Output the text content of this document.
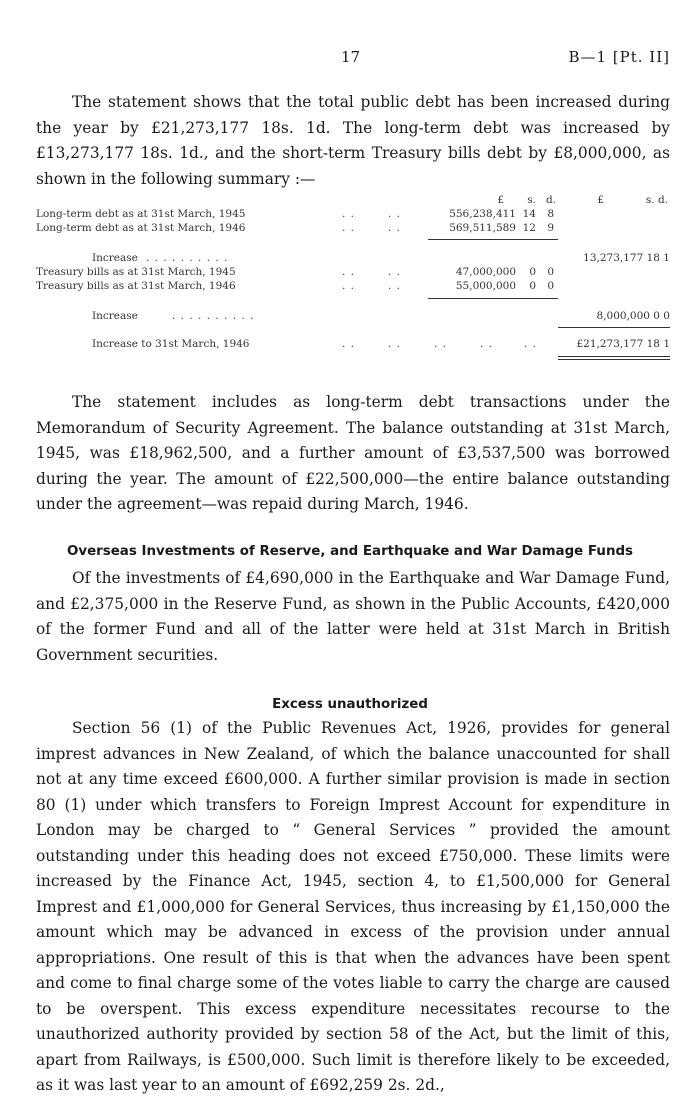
17	B—1 [Pt. II]

The statement shows that the total public debt has been increased during the year by £21,273,177 18s. 1d. The long-term debt was increased by £13,273,177 18s. 1d., and the short-term Treasury bills debt by £8,000,000, as shown in the following summary :—

£	s. d.	£	s. d.
Long-term debt as at 31st March, 1945	. .	. .	556,238,411 14	8
Long-term debt as at 31st March, 1946	. .	. .	569,511,589 12	9
Increase . . . . . . . . . .	13,273,177 18 1
Treasury bills as at 31st March, 1945	. .	. .	47,000,000	0	0
Treasury bills as at 31st March, 1946	. .	. .	55,000,000	0	0
Increase	. . . . . . . . . .	8,000,000 0 0
Increase to 31st March, 1946	. .	. .	. .	. .	. .	£21,273,177 18 1

The statement includes as long-term debt transactions under the Memorandum of Security Agreement. The balance outstanding at 31st March, 1945, was £18,962,500, and a further amount of £3,537,500 was borrowed during the year. The amount of £22,500,000—the entire balance outstanding under the agreement—was repaid during March, 1946.

Overseas Investments of Reserve, and Earthquake and War Damage Funds

Of the investments of £4,690,000 in the Earthquake and War Damage Fund, and £2,375,000 in the Reserve Fund, as shown in the Public Accounts, £420,000 of the former Fund and all of the latter were held at 31st March in British Government securities.

Excess unauthorized

Section 56 (1) of the Public Revenues Act, 1926, provides for general imprest advances in New Zealand, of which the balance unaccounted for shall not at any time exceed £600,000. A further similar provision is made in section 80 (1) under which transfers to Foreign Imprest Account for expenditure in London may be charged to “ General Services ” provided the amount outstanding under this heading does not exceed £750,000. These limits were increased by the Finance Act, 1945, section 4, to £1,500,000 for General Imprest and £1,000,000 for General Services, thus increasing by £1,150,000 the amount which may be advanced in excess of the provision under annual appropriations. One result of this is that when the advances have been spent and come to final charge some of the votes liable to carry the charge are caused to be overspent. This excess expenditure necessitates recourse to the unauthorized authority provided by section 58 of the Act, but the limit of this, apart from Railways, is £500,000. Such limit is therefore likely to be exceeded, as it was last year to an amount of £692,259 2s. 2d.,
